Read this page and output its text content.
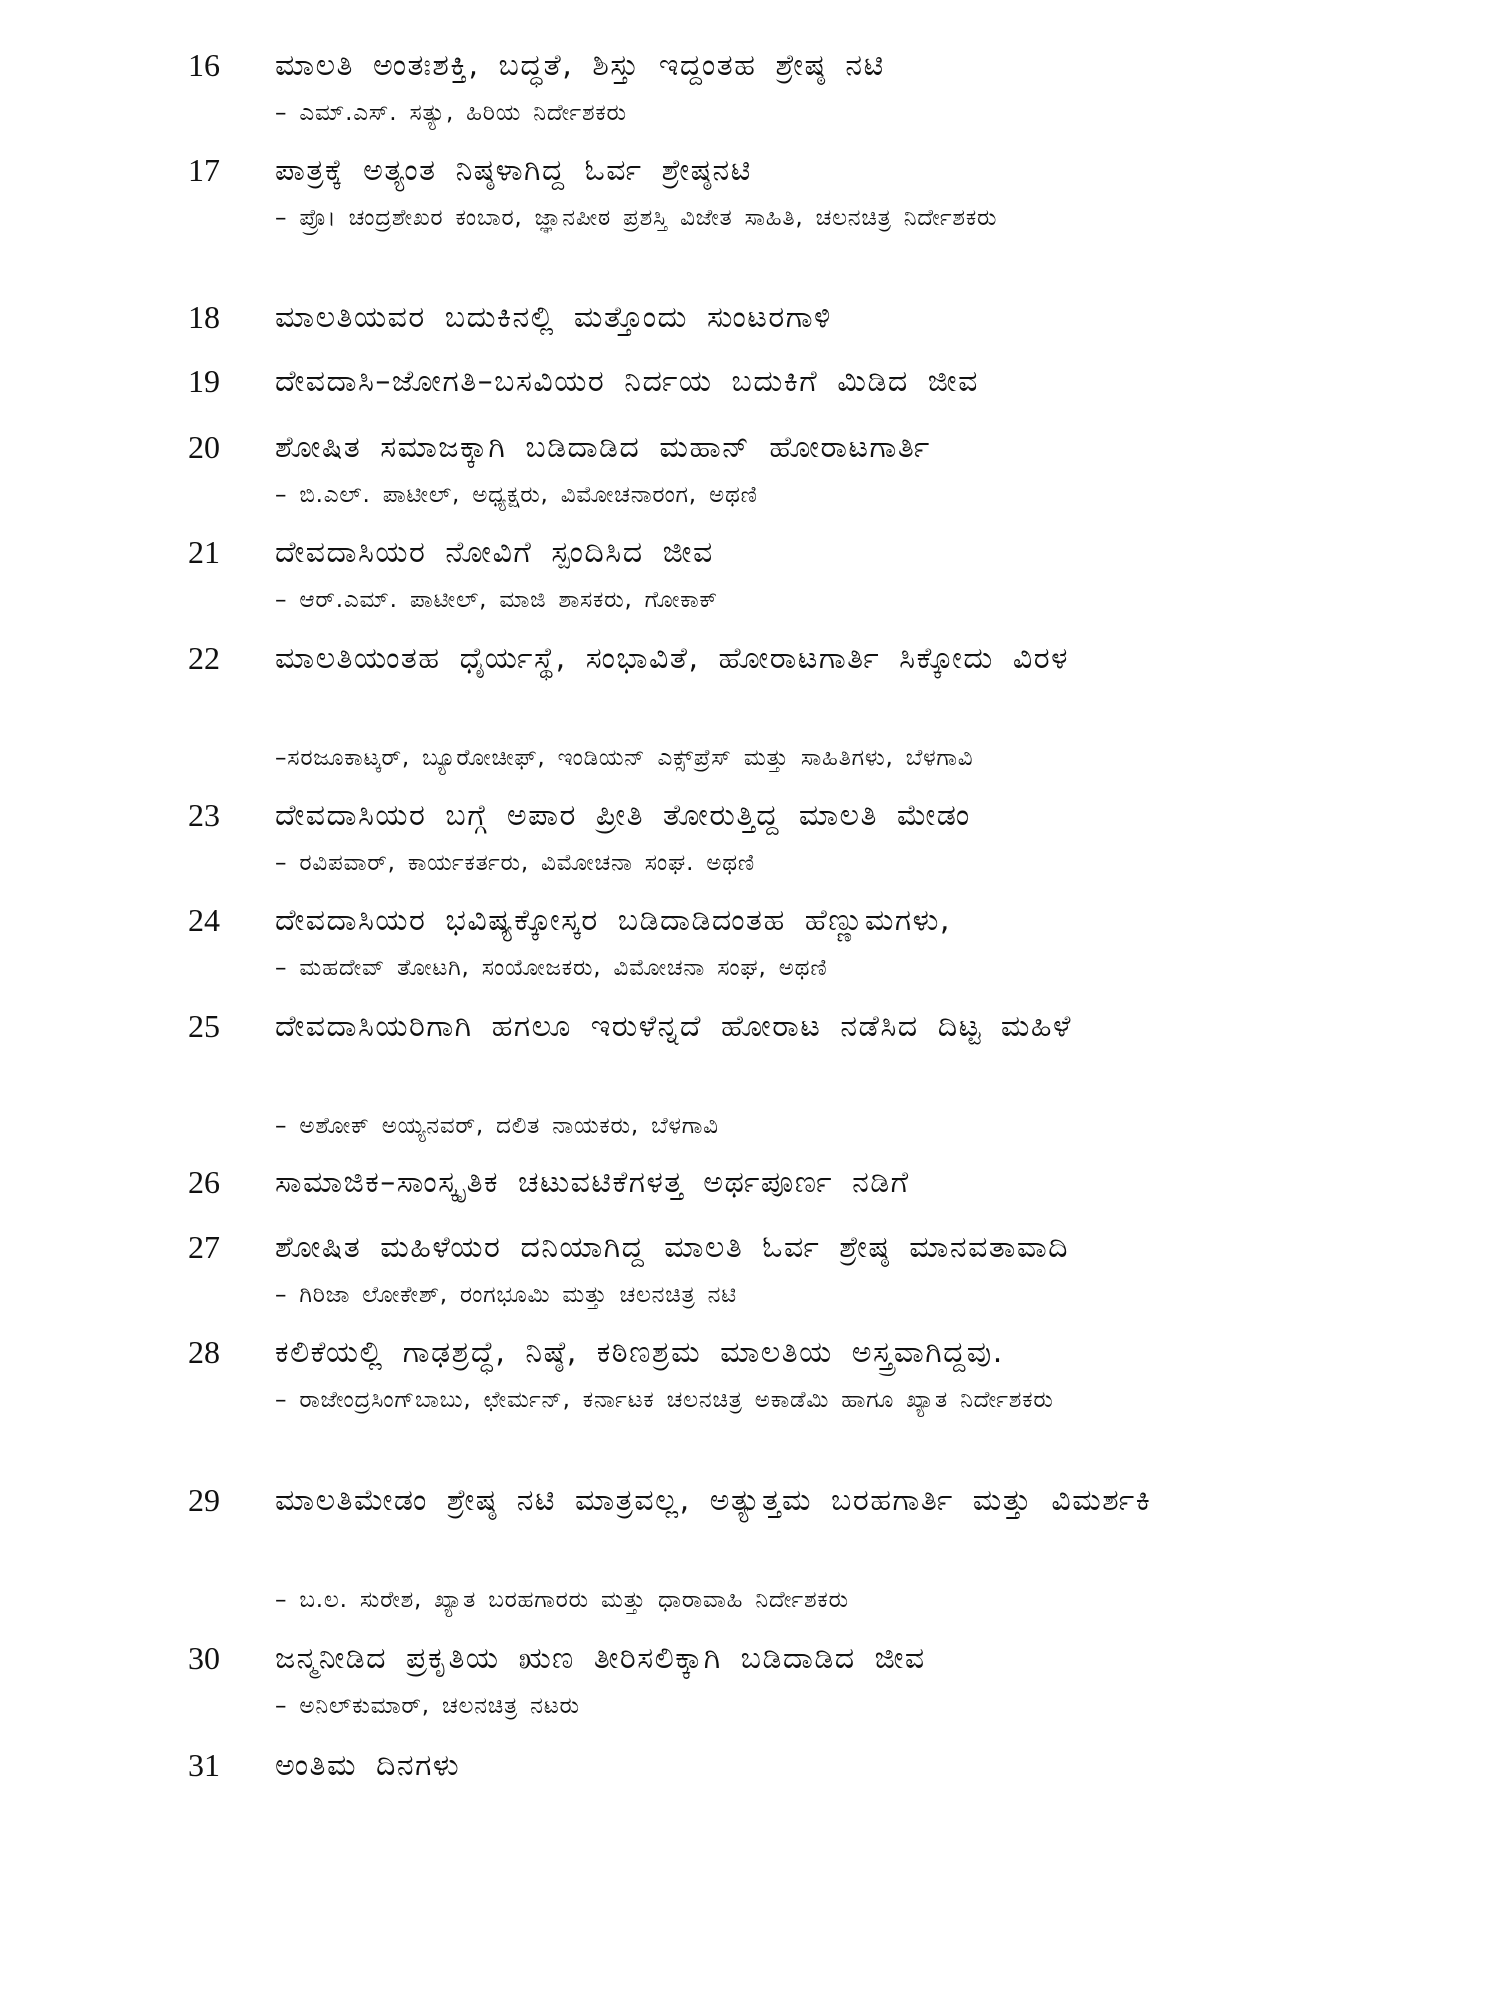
16	ಮಾಲತಿ ಅಂತಃಶಕ್ತಿ, ಬದ್ಧತೆ, ಶಿಸ್ತು ಇದ್ದಂತಹ ಶ್ರೇಷ್ಠ ನಟಿ
– ಎಮ್.ಎಸ್. ಸತ್ಯು, ಹಿರಿಯ ನಿರ್ದೇಶಕರು
17	ಪಾತ್ರಕ್ಕೆ ಅತ್ಯಂತ ನಿಷ್ಠಳಾಗಿದ್ದ ಓರ್ವ ಶ್ರೇಷ್ಠನಟಿ
– ಪ್ರೊ। ಚಂದ್ರಶೇಖರ ಕಂಬಾರ, ಜ್ಞಾನಪೀಠ ಪ್ರಶಸ್ತಿ ವಿಜೇತ ಸಾಹಿತಿ, ಚಲನಚಿತ್ರ ನಿರ್ದೇಶಕರು
18	ಮಾಲತಿಯವರ ಬದುಕಿನಲ್ಲಿ ಮತ್ತೊಂದು ಸುಂಟರಗಾಳಿ
19	ದೇವದಾಸಿ–ಜೋಗತಿ–ಬಸವಿಯರ ನಿರ್ದಯ ಬದುಕಿಗೆ ಮಿಡಿದ ಜೀವ
20	ಶೋಷಿತ ಸಮಾಜಕ್ಕಾಗಿ ಬಡಿದಾಡಿದ ಮಹಾನ್ ಹೋರಾಟಗಾರ್ತಿ
– ಬಿ.ಎಲ್. ಪಾಟೀಲ್, ಅಧ್ಯಕ್ಷರು, ವಿಮೋಚನಾರಂಗ, ಅಥಣಿ
21	ದೇವದಾಸಿಯರ ನೋವಿಗೆ ಸ್ಪಂದಿಸಿದ ಜೀವ
– ಆರ್.ಎಮ್. ಪಾಟೀಲ್, ಮಾಜಿ ಶಾಸಕರು, ಗೋಕಾಕ್
22	ಮಾಲತಿಯಂತಹ ಧೈರ್ಯಸ್ಥೆ, ಸಂಭಾವಿತೆ, ಹೋರಾಟಗಾರ್ತಿ ಸಿಕ್ಕೋದು ವಿರಳ
–ಸರಜೂಕಾಟ್ಕರ್, ಬ್ಯೂರೋಚೀಫ್, ಇಂಡಿಯನ್ ಎಕ್ಸ್‌ಪ್ರೆಸ್ ಮತ್ತು ಸಾಹಿತಿಗಳು, ಬೆಳಗಾವಿ
23	ದೇವದಾಸಿಯರ ಬಗ್ಗೆ ಅಪಾರ ಪ್ರೀತಿ ತೋರುತ್ತಿದ್ದ ಮಾಲತಿ ಮೇಡಂ
– ರವಿಪವಾರ್, ಕಾರ್ಯಕರ್ತರು, ವಿಮೋಚನಾ ಸಂಘ. ಅಥಣಿ
24	ದೇವದಾಸಿಯರ ಭವಿಷ್ಯಕ್ಕೋಸ್ಕರ ಬಡಿದಾಡಿದಂತಹ ಹೆಣ್ಣುಮಗಳು,
– ಮಹದೇವ್ ತೋಟಗಿ, ಸಂಯೋಜಕರು, ವಿಮೋಚನಾ ಸಂಘ, ಅಥಣಿ
25	ದೇವದಾಸಿಯರಿಗಾಗಿ ಹಗಲೂ ಇರುಳೆನ್ನದೆ ಹೋರಾಟ ನಡೆಸಿದ ದಿಟ್ಟ ಮಹಿಳೆ
– ಅಶೋಕ್ ಅಯ್ಯನವರ್, ದಲಿತ ನಾಯಕರು, ಬೆಳಗಾವಿ
26	ಸಾಮಾಜಿಕ–ಸಾಂಸ್ಕೃತಿಕ ಚಟುವಟಿಕೆಗಳತ್ತ ಅರ್ಥಪೂರ್ಣ ನಡಿಗೆ
27	ಶೋಷಿತ ಮಹಿಳೆಯರ ದನಿಯಾಗಿದ್ದ ಮಾಲತಿ ಓರ್ವ ಶ್ರೇಷ್ಠ ಮಾನವತಾವಾದಿ
– ಗಿರಿಜಾ ಲೋಕೇಶ್, ರಂಗಭೂಮಿ ಮತ್ತು ಚಲನಚಿತ್ರ ನಟಿ
28	ಕಲಿಕೆಯಲ್ಲಿ ಗಾಢಶ್ರದ್ಧೆ, ನಿಷ್ಠೆ, ಕಠಿಣಶ್ರಮ ಮಾಲತಿಯ ಅಸ್ತ್ರವಾಗಿದ್ದವು.
– ರಾಜೇಂದ್ರಸಿಂಗ್‌ಬಾಬು, ಛೇರ್ಮನ್, ಕರ್ನಾಟಕ ಚಲನಚಿತ್ರ ಅಕಾಡೆಮಿ ಹಾಗೂ ಖ್ಯಾತ ನಿರ್ದೇಶಕರು
29	ಮಾಲತಿಮೇಡಂ ಶ್ರೇಷ್ಠ ನಟಿ ಮಾತ್ರವಲ್ಲ, ಅತ್ಯುತ್ತಮ ಬರಹಗಾರ್ತಿ ಮತ್ತು ವಿಮರ್ಶಕಿ
– ಬ.ಲ. ಸುರೇಶ, ಖ್ಯಾತ ಬರಹಗಾರರು ಮತ್ತು ಧಾರಾವಾಹಿ ನಿರ್ದೇಶಕರು
30	ಜನ್ಮನೀಡಿದ ಪ್ರಕೃತಿಯ ಋಣ ತೀರಿಸಲಿಕ್ಕಾಗಿ ಬಡಿದಾಡಿದ ಜೀವ
– ಅನಿಲ್‌ಕುಮಾರ್, ಚಲನಚಿತ್ರ ನಟರು
31	ಅಂತಿಮ ದಿನಗಳು
